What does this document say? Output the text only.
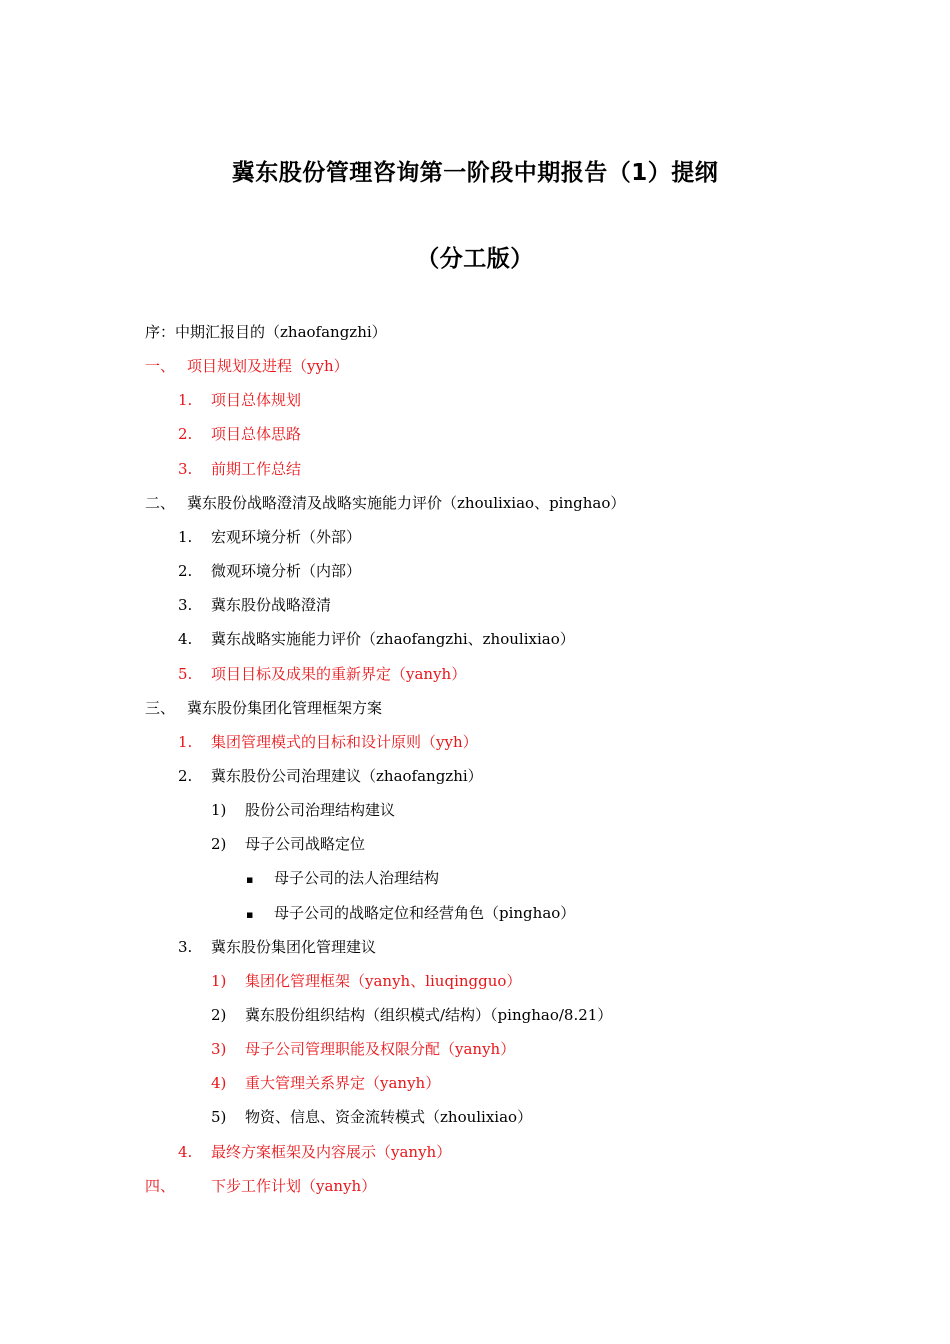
冀东股份管理咨询第一阶段中期报告（1）提纲
（分工版）
序：中期汇报目的（zhaofangzhi）
一、 项目规划及进程（yyh）
1. 项目总体规划
2. 项目总体思路
3. 前期工作总结
二、 冀东股份战略澄清及战略实施能力评价（zhoulixiao、pinghao）
1. 宏观环境分析（外部）
2. 微观环境分析（内部）
3. 冀东股份战略澄清
4. 冀东战略实施能力评价（zhaofangzhi、zhoulixiao）
5. 项目目标及成果的重新界定（yanyh）
三、 冀东股份集团化管理框架方案
1. 集团管理模式的目标和设计原则（yyh）
2. 冀东股份公司治理建议（zhaofangzhi）
1) 股份公司治理结构建议
2) 母子公司战略定位
▪ 母子公司的法人治理结构
▪ 母子公司的战略定位和经营角色（pinghao）
3. 冀东股份集团化管理建议
1) 集团化管理框架（yanyh、liuqingguo）
2) 冀东股份组织结构（组织模式/结构）（pinghao/8.21）
3) 母子公司管理职能及权限分配（yanyh）
4) 重大管理关系界定（yanyh）
5) 物资、信息、资金流转模式（zhoulixiao）
4. 最终方案框架及内容展示（yanyh）
四、 下步工作计划（yanyh）
